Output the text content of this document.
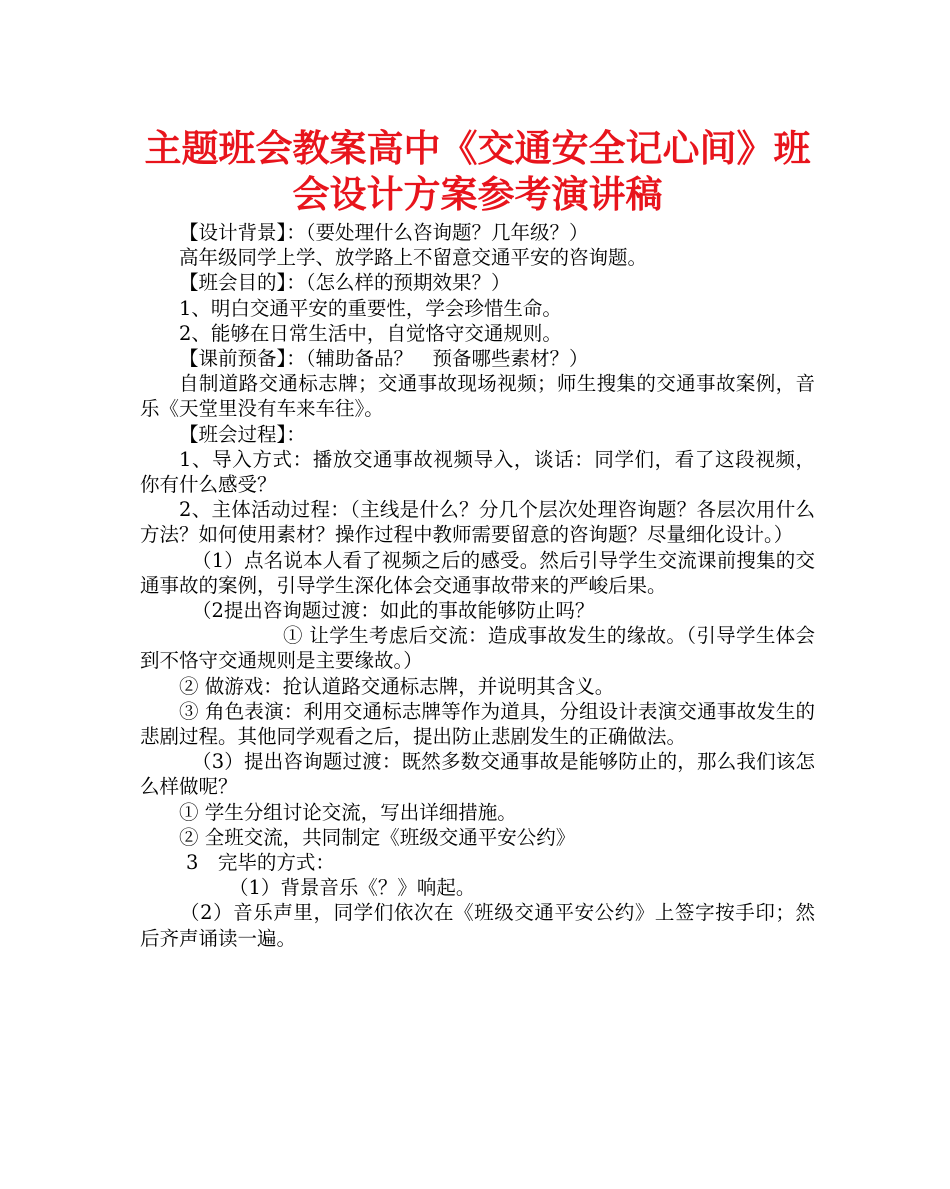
主题班会教案高中《交通安全记心间》班会设计方案参考演讲稿

【设计背景】：（要处理什么咨询题？几年级？）

高年级同学上学、放学路上不留意交通平安的咨询题。

【班会目的】：（怎么样的预期效果？）

1、明白交通平安的重要性，学会珍惜生命。

2、能够在日常生活中，自觉恪守交通规则。

【课前预备】：（辅助备品？　预备哪些素材？）

自制道路交通标志牌；交通事故现场视频；师生搜集的交通事故案例，音乐《天堂里没有车来车往》。

【班会过程】：

1、导入方式：播放交通事故视频导入，谈话：同学们，看了这段视频，你有什么感受？

2、主体活动过程：（主线是什么？分几个层次处理咨询题？各层次用什么方法？如何使用素材？操作过程中教师需要留意的咨询题？尽量细化设计。）

（1）点名说本人看了视频之后的感受。然后引导学生交流课前搜集的交通事故的案例，引导学生深化体会交通事故带来的严峻后果。

（2提出咨询题过渡：如此的事故能够防止吗？

① 让学生考虑后交流：造成事故发生的缘故。（引导学生体会到不恪守交通规则是主要缘故。）

② 做游戏：抢认道路交通标志牌，并说明其含义。

③ 角色表演：利用交通标志牌等作为道具，分组设计表演交通事故发生的悲剧过程。其他同学观看之后，提出防止悲剧发生的正确做法。

（3）提出咨询题过渡：既然多数交通事故是能够防止的，那么我们该怎么样做呢？

① 学生分组讨论交流，写出详细措施。

② 全班交流，共同制定《班级交通平安公约》

3　完毕的方式：

（1）背景音乐《？》响起。

（2）音乐声里，同学们依次在《班级交通平安公约》上签字按手印；然后齐声诵读一遍。
